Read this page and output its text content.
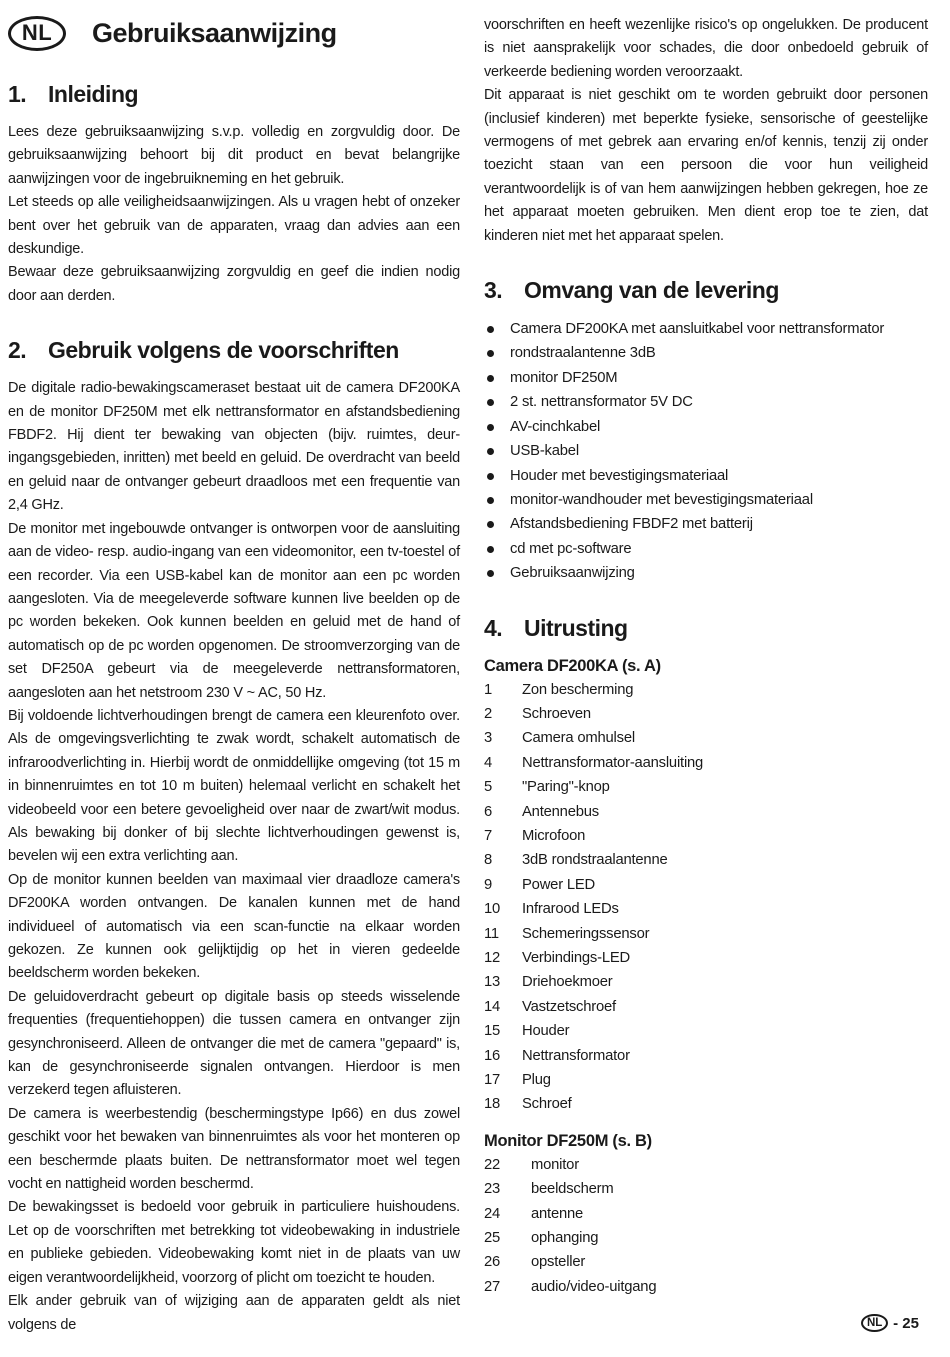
NL Gebruiksaanwijzing
1. Inleiding

Lees deze gebruiksaanwijzing s.v.p. volledig en zorgvuldig door. De gebruiksaanwijzing behoort bij dit product en bevat belangrijke aanwijzingen voor de ingebruikneming en het gebruik.

Let steeds op alle veiligheidsaanwijzingen. Als u vragen hebt of onzeker bent over het gebruik van de apparaten, vraag dan advies aan een deskundige.

Bewaar deze gebruiksaanwijzing zorgvuldig en geef die indien nodig door aan derden.

2. Gebruik volgens de voorschriften

De digitale radio-bewakingscameraset bestaat uit de camera DF200KA en de monitor DF250M met elk nettransformator en afstandsbediening FBDF2. Hij dient ter bewaking van objecten (bijv. ruimtes, deur- ingangsgebieden, inritten) met beeld en geluid. De overdracht van beeld en geluid naar de ontvanger gebeurt draadloos met een frequentie van 2,4 GHz.

De monitor met ingebouwde ontvanger is ontworpen voor de aansluiting aan de video- resp. audio-ingang van een videomonitor, een tv-toestel of een recorder. Via een USB-kabel kan de monitor aan een pc worden aangesloten. Via de meegeleverde software kunnen live beelden op de pc worden bekeken. Ook kunnen beelden en geluid met de hand of automatisch op de pc worden opgenomen. De stroomverzorging van de set DF250A gebeurt via de meegeleverde nettransformatoren, aangesloten aan het netstroom 230 V ~ AC, 50 Hz.

Bij voldoende lichtverhoudingen brengt de camera een kleurenfoto over. Als de omgevingsverlichting te zwak wordt, schakelt automatisch de infraroodverlichting in. Hierbij wordt de onmiddellijke omgeving (tot 15 m in binnenruimtes en tot 10 m buiten) helemaal verlicht en schakelt het videobeeld voor een betere gevoeligheid over naar de zwart/wit modus. Als bewaking bij donker of bij slechte lichtverhoudingen gewenst is, bevelen wij een extra verlichting aan.

Op de monitor kunnen beelden van maximaal vier draadloze camera's DF200KA worden ontvangen. De kanalen kunnen met de hand individueel of automatisch via een scan-functie na elkaar worden gekozen. Ze kunnen ook gelijktijdig op het in vieren gedeelde beeldscherm worden bekeken.

De geluidoverdracht gebeurt op digitale basis op steeds wisselende frequenties (frequentiehoppen) die tussen camera en ontvanger zijn gesynchroniseerd. Alleen de ontvanger die met de camera "gepaard" is, kan de gesynchroniseerde signalen ontvangen. Hierdoor is men verzekerd tegen afluisteren.

De camera is weerbestendig (beschermingstype Ip66) en dus zowel geschikt voor het bewaken van binnenruimtes als voor het monteren op een beschermde plaats buiten. De nettransformator moet wel tegen vocht en nattigheid worden beschermd.

De bewakingsset is bedoeld voor gebruik in particuliere huishoudens. Let op de voorschriften met betrekking tot videobewaking in industriele en publieke gebieden. Videobewaking komt niet in de plaats van uw eigen verantwoordelijkheid, voorzorg of plicht om toezicht te houden.

Elk ander gebruik van of wijziging aan de apparaten geldt als niet volgens de

voorschriften en heeft wezenlijke risico's op ongelukken. De producent is niet aansprakelijk voor schades, die door onbedoeld gebruik of verkeerde bediening worden veroorzaakt.

Dit apparaat is niet geschikt om te worden gebruikt door personen (inclusief kinderen) met beperkte fysieke, sensorische of geestelijke vermogens of met gebrek aan ervaring en/of kennis, tenzij zij onder toezicht staan van een persoon die voor hun veiligheid verantwoordelijk is of van hem aanwijzingen hebben gekregen, hoe ze het apparaat moeten gebruiken. Men dient erop toe te zien, dat kinderen niet met het apparaat spelen.

3. Omvang van de levering
Camera DF200KA met aansluitkabel voor nettransformator
rondstraalantenne 3dB
monitor DF250M
2 st. nettransformator 5V DC
AV-cinchkabel
USB-kabel
Houder met bevestigingsmateriaal
monitor-wandhouder met bevestigingsmateriaal
Afstandsbediening FBDF2 met batterij
cd met pc-software
Gebruiksaanwijzing
4. Uitrusting
Camera DF200KA (s. A)
1	Zon bescherming
2	Schroeven
3	Camera omhulsel
4	Nettransformator-aansluiting
5	"Paring"-knop
6	Antennebus
7	Microfoon
8	3dB rondstraalantenne
9	Power LED
10	Infrarood LEDs
11	Schemeringssensor
12	Verbindings-LED
13	Driehoekmoer
14	Vastzetschroef
15	Houder
16	Nettransformator
17	Plug
18	Schroef
Monitor DF250M (s. B)
22	monitor
23	beeldscherm
24	antenne
25	ophanging
26	opsteller
27	audio/video-uitgang
NL - 25
